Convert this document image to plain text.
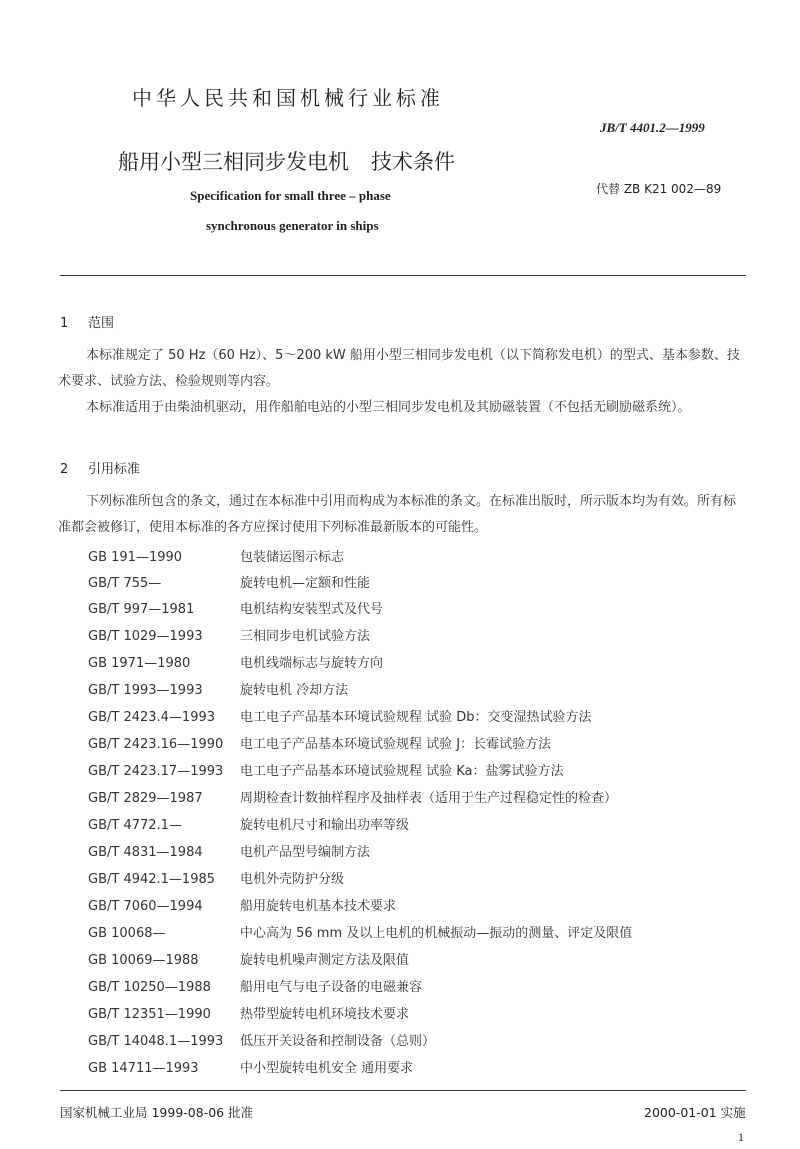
中华人民共和国机械行业标准
JB/T 4401.2—1999
船用小型三相同步发电机 技术条件
代替 ZB K21 002—89
Specification for small three – phase
synchronous generator in ships
1 范围
本标准规定了 50 Hz（60 Hz）、5～200 kW 船用小型三相同步发电机（以下简称发电机）的型式、基本参数、技术要求、试验方法、检验规则等内容。
本标准适用于由柴油机驱动，用作船舶电站的小型三相同步发电机及其励磁装置（不包括无刷励磁系统）。
2 引用标准
下列标准所包含的条文，通过在本标准中引用而构成为本标准的条文。在标准出版时，所示版本均为有效。所有标准都会被修订，使用本标准的各方应探讨使用下列标准最新版本的可能性。
GB 191—1990	包装储运图示标志
GB/T 755—	旋转电机—定额和性能
GB/T 997—1981	电机结构安装型式及代号
GB/T 1029—1993	三相同步电机试验方法
GB 1971—1980	电机线端标志与旋转方向
GB/T 1993—1993	旋转电机 冷却方法
GB/T 2423.4—1993 电工电子产品基本环境试验规程 试验 Db：交变湿热试验方法
GB/T 2423.16—1990 电工电子产品基本环境试验规程 试验 J：长霉试验方法
GB/T 2423.17—1993 电工电子产品基本环境试验规程 试验 Ka：盐雾试验方法
GB/T 2829—1987	周期检查计数抽样程序及抽样表（适用于生产过程稳定性的检查）
GB/T 4772.1—	旋转电机尺寸和输出功率等级
GB/T 4831—1984	电机产品型号编制方法
GB/T 4942.1—1985 电机外壳防护分级
GB/T 7060—1994	船用旋转电机基本技术要求
GB 10068—	中心高为 56 mm 及以上电机的机械振动—振动的测量、评定及限值
GB 10069—1988	旋转电机噪声测定方法及限值
GB/T 10250—1988 船用电气与电子设备的电磁兼容
GB/T 12351—1990 热带型旋转电机环境技术要求
GB/T 14048.1—1993 低压开关设备和控制设备（总则）
GB 14711—1993	中小型旋转电机安全 通用要求
国家机械工业局 1999-08-06 批准	2000-01-01 实施
1
